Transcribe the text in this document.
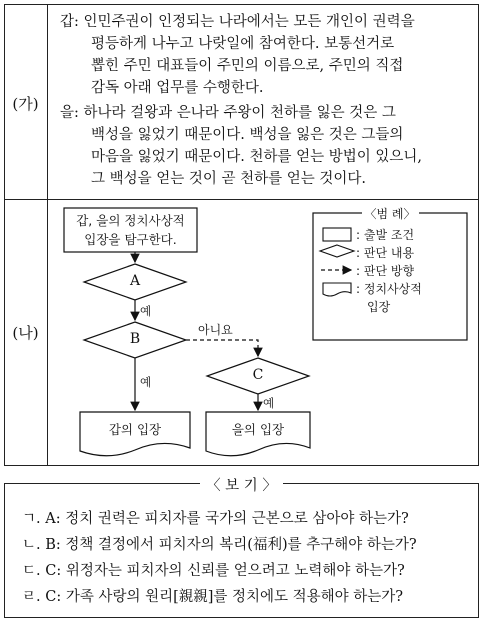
(가)
갑: 인민주권이 인정되는 나라에서는 모든 개인이 권력을
평등하게 나누고 나랏일에 참여한다. 보통선거로
뽑힌 주민 대표들이 주민의 이름으로, 주민의 직접
감독 아래 업무를 수행한다.
을: 하나라 걸왕과 은나라 주왕이 천하를 잃은 것은 그
백성을 잃었기 때문이다. 백성을 잃은 것은 그들의
마음을 잃었기 때문이다. 천하를 얻는 방법이 있으니,
그 백성을 얻는 것이 곧 천하를 얻는 것이다.
(나)
갑, 을의 정치사상적
입장을 탐구한다.
A
B
C
예
예
예
아니요
갑의 입장	을의 입장
〈범 례〉
: 출발 조건
: 판단 내용
: 판단 방향
: 정치사상적
입장
〈 보 기 〉
ㄱ. A: 정치 권력은 피치자를 국가의 근본으로 삼아야 하는가?
ㄴ. B: 정책 결정에서 피치자의 복리(福利)를 추구해야 하는가?
ㄷ. C: 위정자는 피치자의 신뢰를 얻으려고 노력해야 하는가?
ㄹ. C: 가족 사랑의 원리[親親]를 정치에도 적용해야 하는가?
